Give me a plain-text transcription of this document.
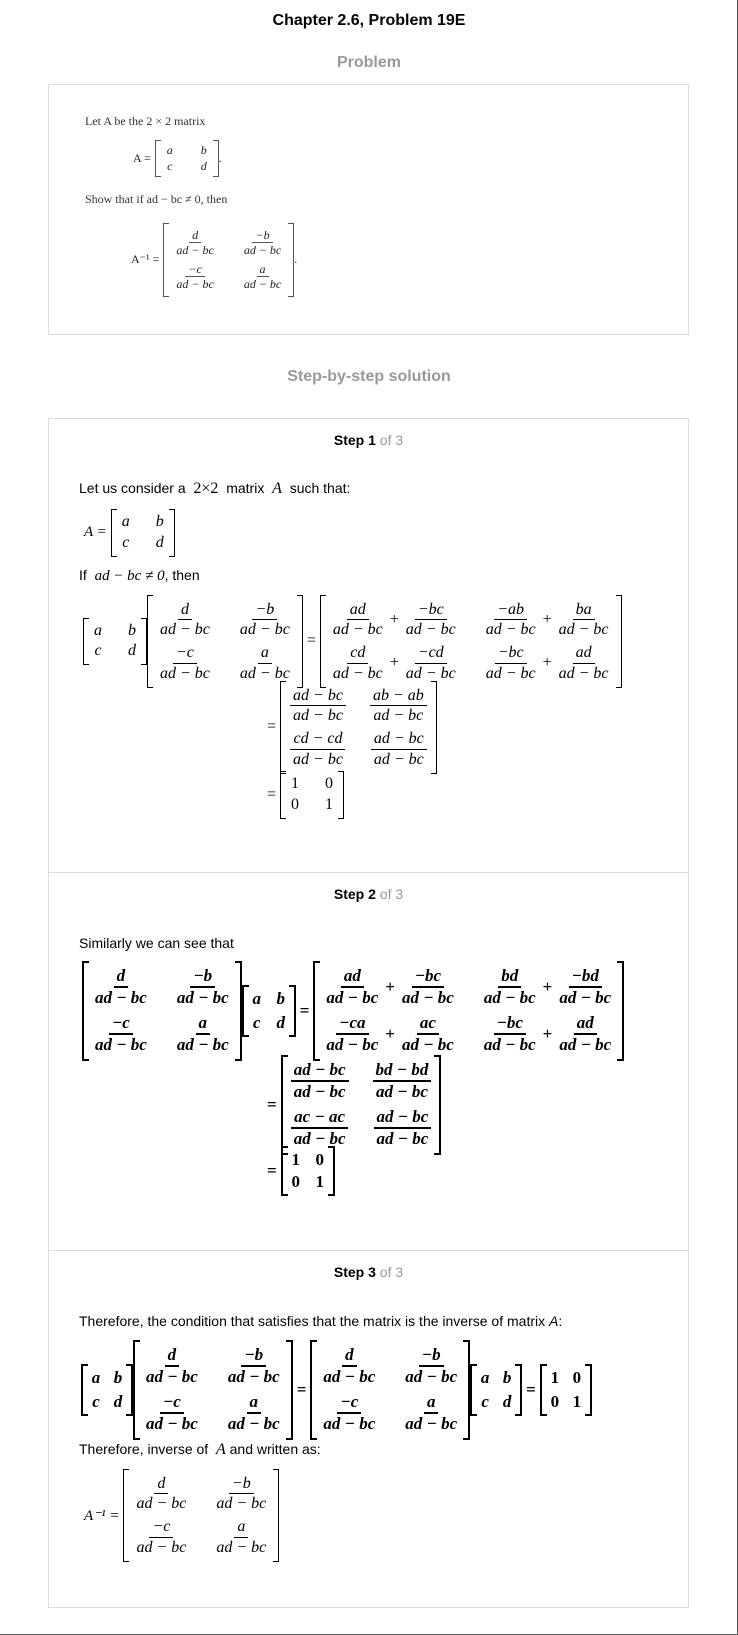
Chapter 2.6, Problem 19E
Problem
Let A be the 2 × 2 matrix
A =
a b
c d
.
Show that if ad − bc ≠ 0, then
A⁻¹ =
d
ad − bc
−b
ad − bc
−c
ad − bc
a
ad − bc
.
Step-by-step solution
Step 1 of 3
Let us consider a 2×2 matrix A such that:
A =
a b
c d
If ad − bc ≠ 0, then
a b
c d
d
ad − bc
−b
ad − bc
−c
ad − bc
a
ad − bc
=
ad
ad − bc
+ $\frac{-bc}{ad - bc} -ab$
ad − bc
+ $\frac{ba}{ad - bc}$
cd
ad − bc
+ $\frac{-cd}{ad - bc} -bc$
ad − bc
+ $\frac{ad}{ad - bc}$
=
ad − bc
ad − bc
ab − ab
ad − bc
cd − cd
ad − bc
ad − bc
ad − bc
=
1 0
0 1
Step 2 of 3
Similarly we can see that
d
ad − bc
−b
ad − bc
−c
ad − bc
a
ad − bc
a b
c d
=
ad
ad − bc
+ $\frac{-bc}{ad - bc}$	bd
ad − bc
+ $\frac{-bd}{ad - bc}$
−ca
ad − bc
+ $\frac{ac}{ad - bc} -bc$
ad − bc
+ $\frac{ad}{ad - bc}$
=
ad − bc
ad − bc
bd − bd
ad − bc
ac − ac
ad − bc
ad − bc
ad − bc
=
1 0
0 1
Step 3 of 3
Therefore, the condition that satisfies that the matrix is the inverse of matrix A:
a b
c d
d
ad − bc
−b
ad − bc
−c
ad − bc
a
ad − bc
=
d
ad − bc
−b
ad − bc
−c
ad − bc
a
ad − bc
a b
c d
=
1 0
0 1
Therefore, inverse of A and written as:
A⁻¹ =
d
ad − bc
−b
ad − bc
−c
ad − bc
a
ad − bc
